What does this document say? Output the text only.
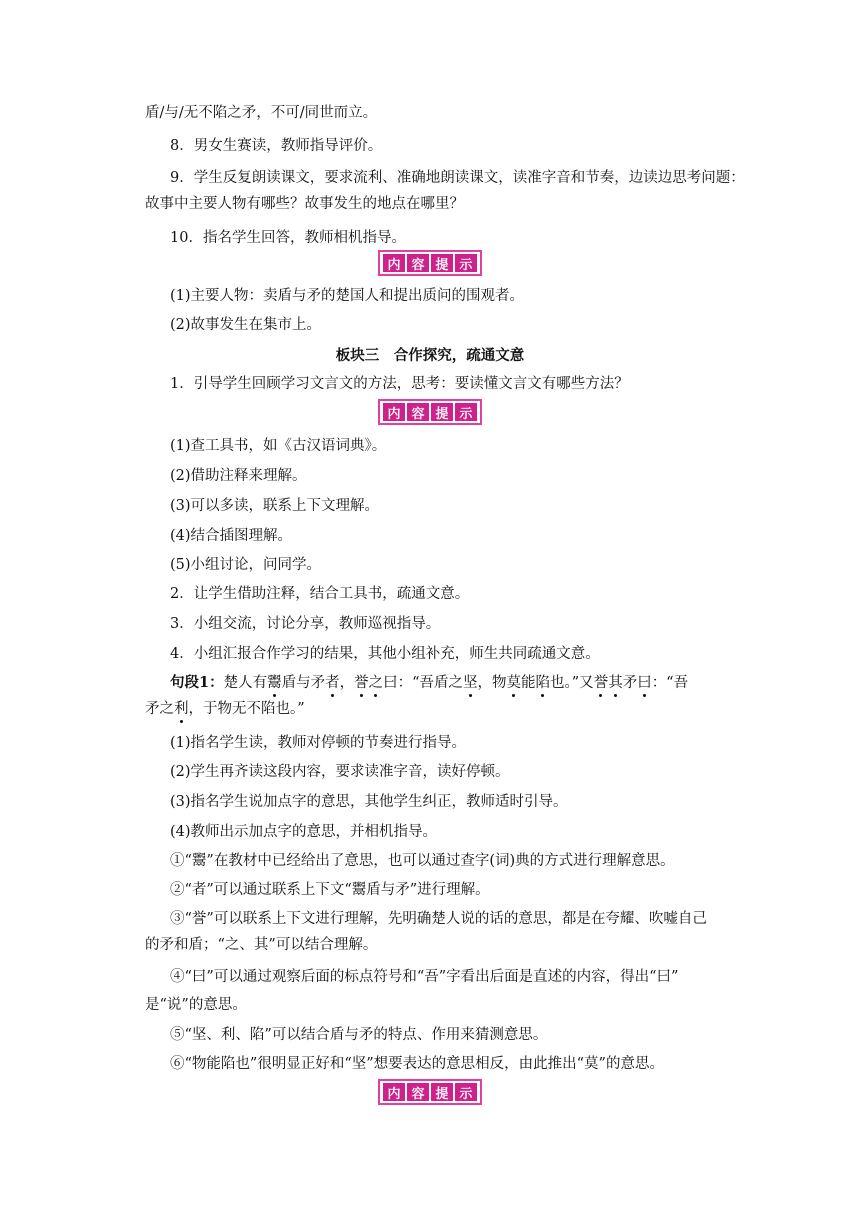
盾/与/无不陷之矛，不可/同世而立。
8．男女生赛读，教师指导评价。
9．学生反复朗读课文，要求流利、准确地朗读课文，读准字音和节奏，边读边思考问题：
故事中主要人物有哪些？故事发生的地点在哪里？
10．指名学生回答，教师相机指导。
内 容 提 示
(1)主要人物：卖盾与矛的楚国人和提出质问的围观者。
(2)故事发生在集市上。
板块三　合作探究，疏通文意
1．引导学生回顾学习文言文的方法，思考：要读懂文言文有哪些方法？
内 容 提 示
(1)查工具书，如《古汉语词典》。
(2)借助注释来理解。
(3)可以多读，联系上下文理解。
(4)结合插图理解。
(5)小组讨论，问同学。
2．让学生借助注释，结合工具书，疏通文意。
3．小组交流，讨论分享，教师巡视指导。
4．小组汇报合作学习的结果，其他小组补充，师生共同疏通文意。
句段1：楚人有鬻盾与矛者，誉之曰：“吾盾之坚，物莫能陷也。”又誉其矛曰：“吾
矛之利，于物无不陷也。”
(1)指名学生读，教师对停顿的节奏进行指导。
(2)学生再齐读这段内容，要求读准字音，读好停顿。
(3)指名学生说加点字的意思，其他学生纠正，教师适时引导。
(4)教师出示加点字的意思，并相机指导。
①“鬻”在教材中已经给出了意思，也可以通过查字(词)典的方式进行理解意思。
②“者”可以通过联系上下文“鬻盾与矛”进行理解。
③“誉”可以联系上下文进行理解，先明确楚人说的话的意思，都是在夸耀、吹嘘自己
的矛和盾；“之、其”可以结合理解。
④“曰”可以通过观察后面的标点符号和“吾”字看出后面是直述的内容，得出“曰”
是“说”的意思。
⑤“坚、利、陷”可以结合盾与矛的特点、作用来猜测意思。
⑥“物能陷也”很明显正好和“坚”想要表达的意思相反，由此推出“莫”的意思。
内 容 提 示
